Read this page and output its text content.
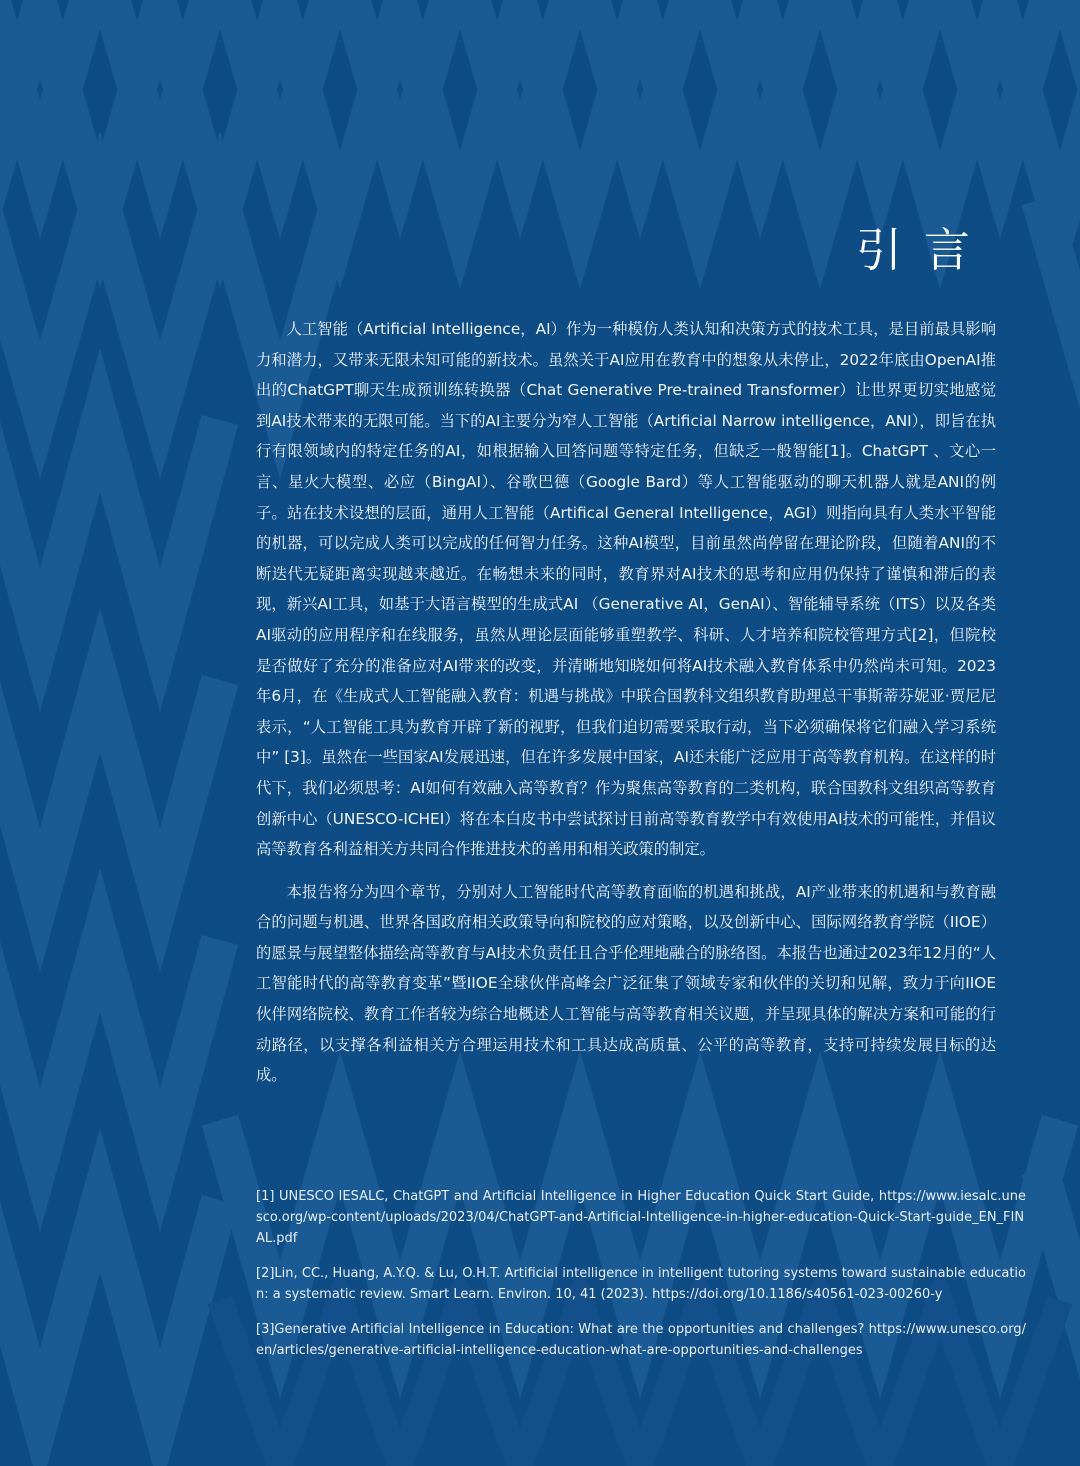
引言

人工智能（Artificial Intelligence，AI）作为一种模仿人类认知和决策方式的技术工具，是目前最具影响力和潜力，又带来无限未知可能的新技术。虽然关于AI应用在教育中的想象从未停止，2022年底由OpenAI推出的ChatGPT聊天生成预训练转换器（Chat Generative Pre-trained Transformer）让世界更切实地感觉到AI技术带来的无限可能。当下的AI主要分为窄人工智能（Artificial Narrow intelligence，ANI），即旨在执行有限领域内的特定任务的AI，如根据输入回答问题等特定任务，但缺乏一般智能[1]。ChatGPT 、文心一言、星火大模型、必应（BingAI）、谷歌巴德（Google Bard）等人工智能驱动的聊天机器人就是ANI的例子。站在技术设想的层面，通用人工智能（Artifical General Intelligence，AGI）则指向具有人类水平智能的机器，可以完成人类可以完成的任何智力任务。这种AI模型，目前虽然尚停留在理论阶段，但随着ANI的不断迭代无疑距离实现越来越近。在畅想未来的同时，教育界对AI技术的思考和应用仍保持了谨慎和滞后的表现，新兴AI工具，如基于大语言模型的生成式AI （Generative AI，GenAI）、智能辅导系统（ITS）以及各类AI驱动的应用程序和在线服务，虽然从理论层面能够重塑教学、科研、人才培养和院校管理方式[2]，但院校是否做好了充分的准备应对AI带来的改变，并清晰地知晓如何将AI技术融入教育体系中仍然尚未可知。2023年6月，在《生成式人工智能融入教育：机遇与挑战》中联合国教科文组织教育助理总干事斯蒂芬妮亚·贾尼尼表示，“人工智能工具为教育开辟了新的视野，但我们迫切需要采取行动，当下必须确保将它们融入学习系统中” [3]。虽然在一些国家AI发展迅速，但在许多发展中国家，AI还未能广泛应用于高等教育机构。在这样的时代下，我们必须思考：AI如何有效融入高等教育？作为聚焦高等教育的二类机构，联合国教科文组织高等教育创新中心（UNESCO-ICHEI）将在本白皮书中尝试探讨目前高等教育教学中有效使用AI技术的可能性，并倡议高等教育各利益相关方共同合作推进技术的善用和相关政策的制定。

本报告将分为四个章节，分别对人工智能时代高等教育面临的机遇和挑战，AI产业带来的机遇和与教育融合的问题与机遇、世界各国政府相关政策导向和院校的应对策略，以及创新中心、国际网络教育学院（IIOE）的愿景与展望整体描绘高等教育与AI技术负责任且合乎伦理地融合的脉络图。本报告也通过2023年12月的“人工智能时代的高等教育变革”暨IIOE全球伙伴高峰会广泛征集了领域专家和伙伴的关切和见解，致力于向IIOE伙伴网络院校、教育工作者较为综合地概述人工智能与高等教育相关议题，并呈现具体的解决方案和可能的行动路径，以支撑各利益相关方合理运用技术和工具达成高质量、公平的高等教育，支持可持续发展目标的达成。

[1] UNESCO IESALC, ChatGPT and Artificial Intelligence in Higher Education Quick Start Guide, https://www.iesalc.unesco.org/wp-content/uploads/2023/04/ChatGPT-and-Artificial-Intelligence-in-higher-education-Quick-Start-guide_EN_FINAL.pdf

[2]Lin, CC., Huang, A.Y.Q. & Lu, O.H.T. Artificial intelligence in intelligent tutoring systems toward sustainable education: a systematic review. Smart Learn. Environ. 10, 41 (2023). https://doi.org/10.1186/s40561-023-00260-y

[3]Generative Artificial Intelligence in Education: What are the opportunities and challenges? https://www.unesco.org/en/articles/generative-artificial-intelligence-education-what-are-opportunities-and-challenges
